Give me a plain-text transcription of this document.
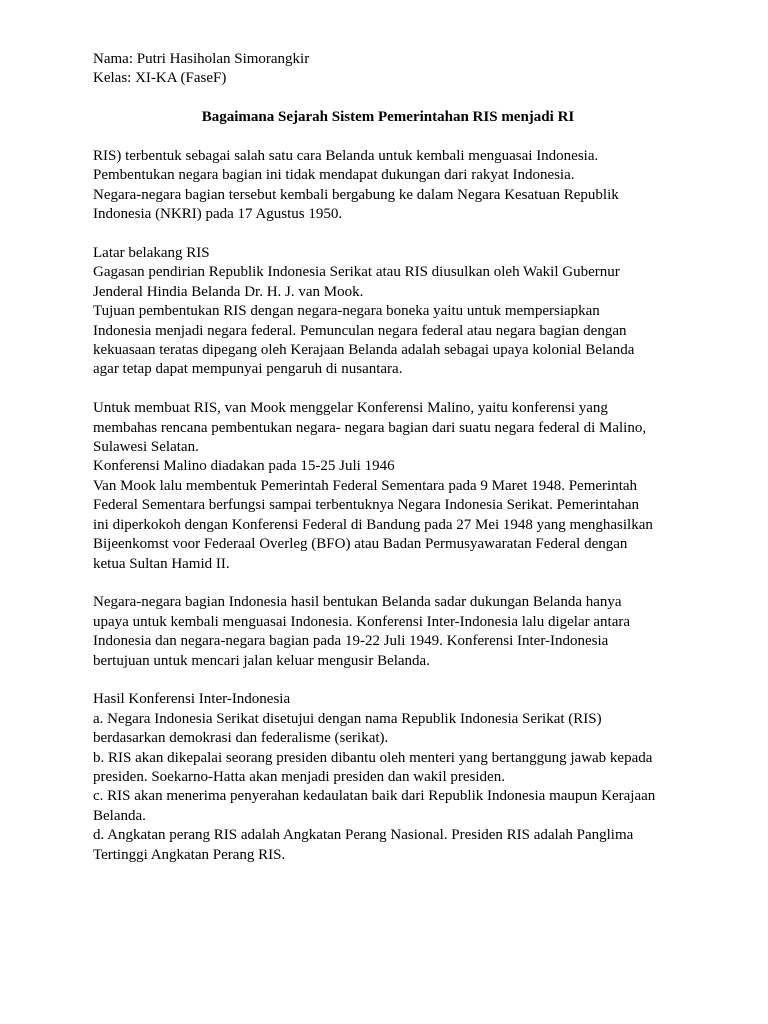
Nama: Putri Hasiholan Simorangkir
Kelas: XI-KA (FaseF)
Bagaimana Sejarah Sistem Pemerintahan RIS menjadi RI
RIS) terbentuk sebagai salah satu cara Belanda untuk kembali menguasai Indonesia.
Pembentukan negara bagian ini tidak mendapat dukungan dari rakyat Indonesia.
Negara-negara bagian tersebut kembali bergabung ke dalam Negara Kesatuan Republik
Indonesia (NKRI) pada 17 Agustus 1950.
Latar belakang RIS
Gagasan pendirian Republik Indonesia Serikat atau RIS diusulkan oleh Wakil Gubernur
Jenderal Hindia Belanda Dr. H. J. van Mook.
Tujuan pembentukan RIS dengan negara-negara boneka yaitu untuk mempersiapkan
Indonesia menjadi negara federal. Pemunculan negara federal atau negara bagian dengan
kekuasaan teratas dipegang oleh Kerajaan Belanda adalah sebagai upaya kolonial Belanda
agar tetap dapat mempunyai pengaruh di nusantara.
Untuk membuat RIS, van Mook menggelar Konferensi Malino, yaitu konferensi yang
membahas rencana pembentukan negara- negara bagian dari suatu negara federal di Malino,
Sulawesi Selatan.
Konferensi Malino diadakan pada 15-25 Juli 1946
Van Mook lalu membentuk Pemerintah Federal Sementara pada 9 Maret 1948. Pemerintah
Federal Sementara berfungsi sampai terbentuknya Negara Indonesia Serikat. Pemerintahan
ini diperkokoh dengan Konferensi Federal di Bandung pada 27 Mei 1948 yang menghasilkan
Bijeenkomst voor Federaal Overleg (BFO) atau Badan Permusyawaratan Federal dengan
ketua Sultan Hamid II.
Negara-negara bagian Indonesia hasil bentukan Belanda sadar dukungan Belanda hanya
upaya untuk kembali menguasai Indonesia. Konferensi Inter-Indonesia lalu digelar antara
Indonesia dan negara-negara bagian pada 19-22 Juli 1949. Konferensi Inter-Indonesia
bertujuan untuk mencari jalan keluar mengusir Belanda.
Hasil Konferensi Inter-Indonesia
a. Negara Indonesia Serikat disetujui dengan nama Republik Indonesia Serikat (RIS)
berdasarkan demokrasi dan federalisme (serikat).
b. RIS akan dikepalai seorang presiden dibantu oleh menteri yang bertanggung jawab kepada
presiden. Soekarno-Hatta akan menjadi presiden dan wakil presiden.
c. RIS akan menerima penyerahan kedaulatan baik dari Republik Indonesia maupun Kerajaan
Belanda.
d. Angkatan perang RIS adalah Angkatan Perang Nasional. Presiden RIS adalah Panglima
Tertinggi Angkatan Perang RIS.
